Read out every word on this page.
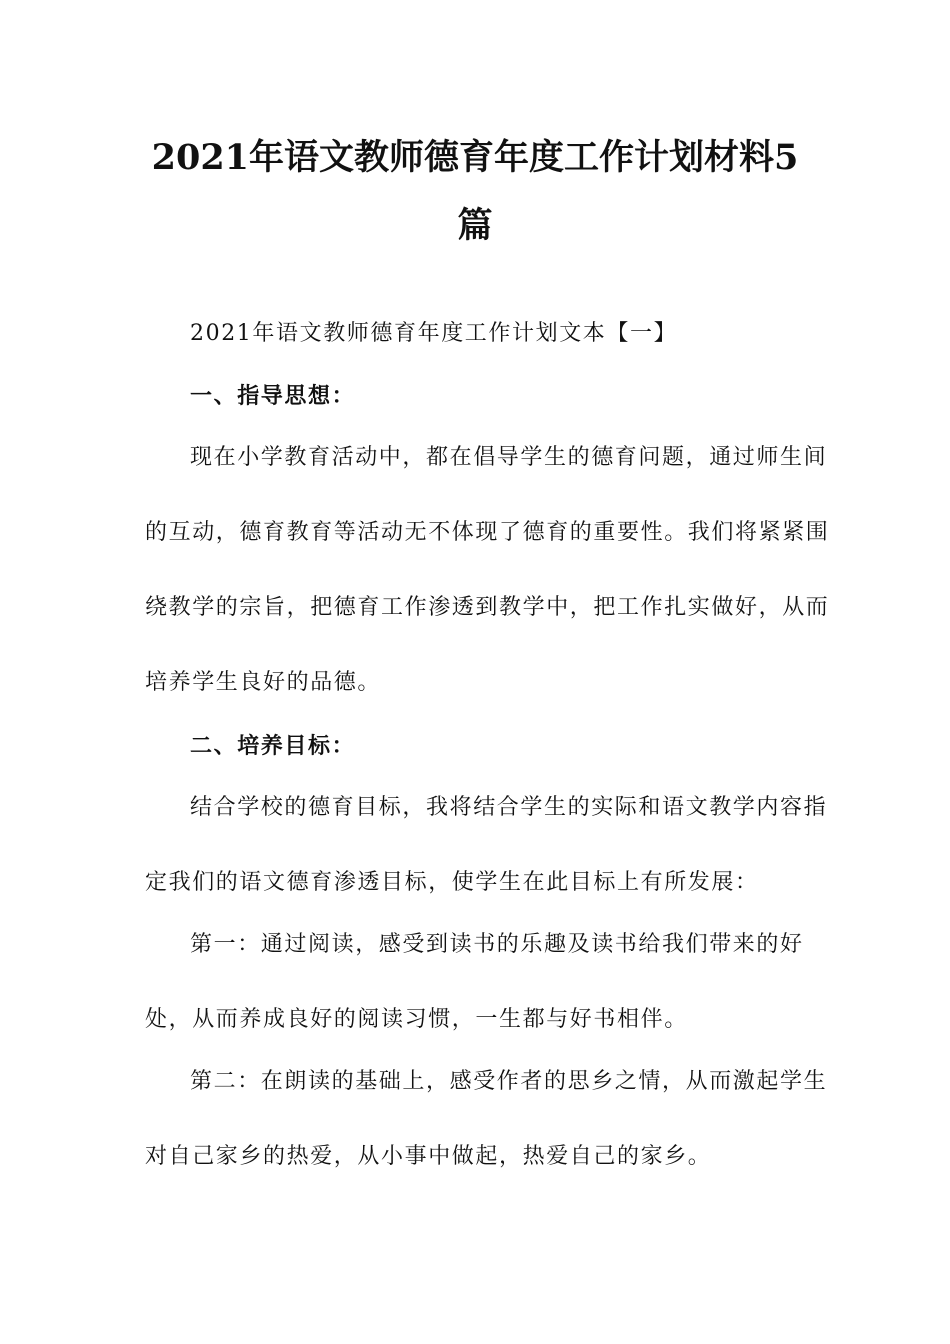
2021年语文教师德育年度工作计划材料5
篇

2021年语文教师德育年度工作计划文本【一】

一、指导思想：

现在小学教育活动中，都在倡导学生的德育问题，通过师生间

的互动，德育教育等活动无不体现了德育的重要性。我们将紧紧围

绕教学的宗旨，把德育工作渗透到教学中，把工作扎实做好，从而

培养学生良好的品德。

二、培养目标：

结合学校的德育目标，我将结合学生的实际和语文教学内容指

定我们的语文德育渗透目标，使学生在此目标上有所发展：

第一：通过阅读，感受到读书的乐趣及读书给我们带来的好

处，从而养成良好的阅读习惯，一生都与好书相伴。

第二：在朗读的基础上，感受作者的思乡之情，从而激起学生

对自己家乡的热爱，从小事中做起，热爱自己的家乡。
